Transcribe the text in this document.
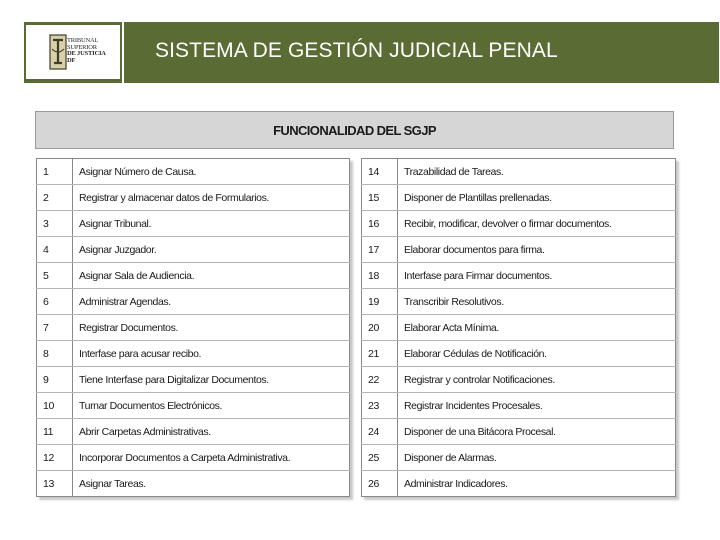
TRIBUNAL
SUPERIOR
DE JUSTICIA
DF	SISTEMA DE GESTIÓN JUDICIAL PENAL
FUNCIONALIDAD DEL SGJP
1	Asignar Número de Causa.
2	Registrar y almacenar datos de Formularios.
3	Asignar Tribunal.
4	Asignar Juzgador.
5	Asignar Sala de Audiencia.
6	Administrar Agendas.
7	Registrar Documentos.
8	Interfase para acusar recibo.
9	Tiene Interfase para Digitalizar Documentos.
10	Turnar Documentos Electrónicos.
11	Abrir Carpetas Administrativas.
12	Incorporar Documentos a Carpeta Administrativa.
13	Asignar Tareas.
14	Trazabilidad de Tareas.
15	Disponer de Plantillas prellenadas.
16	Recibir, modificar, devolver o firmar documentos.
17	Elaborar documentos para firma.
18	Interfase para Firmar documentos.
19	Transcribir Resolutivos.
20	Elaborar Acta Mínima.
21	Elaborar Cédulas de Notificación.
22	Registrar y controlar Notificaciones.
23	Registrar Incidentes Procesales.
24	Disponer de una Bitácora Procesal.
25	Disponer de Alarmas.
26	Administrar Indicadores.
